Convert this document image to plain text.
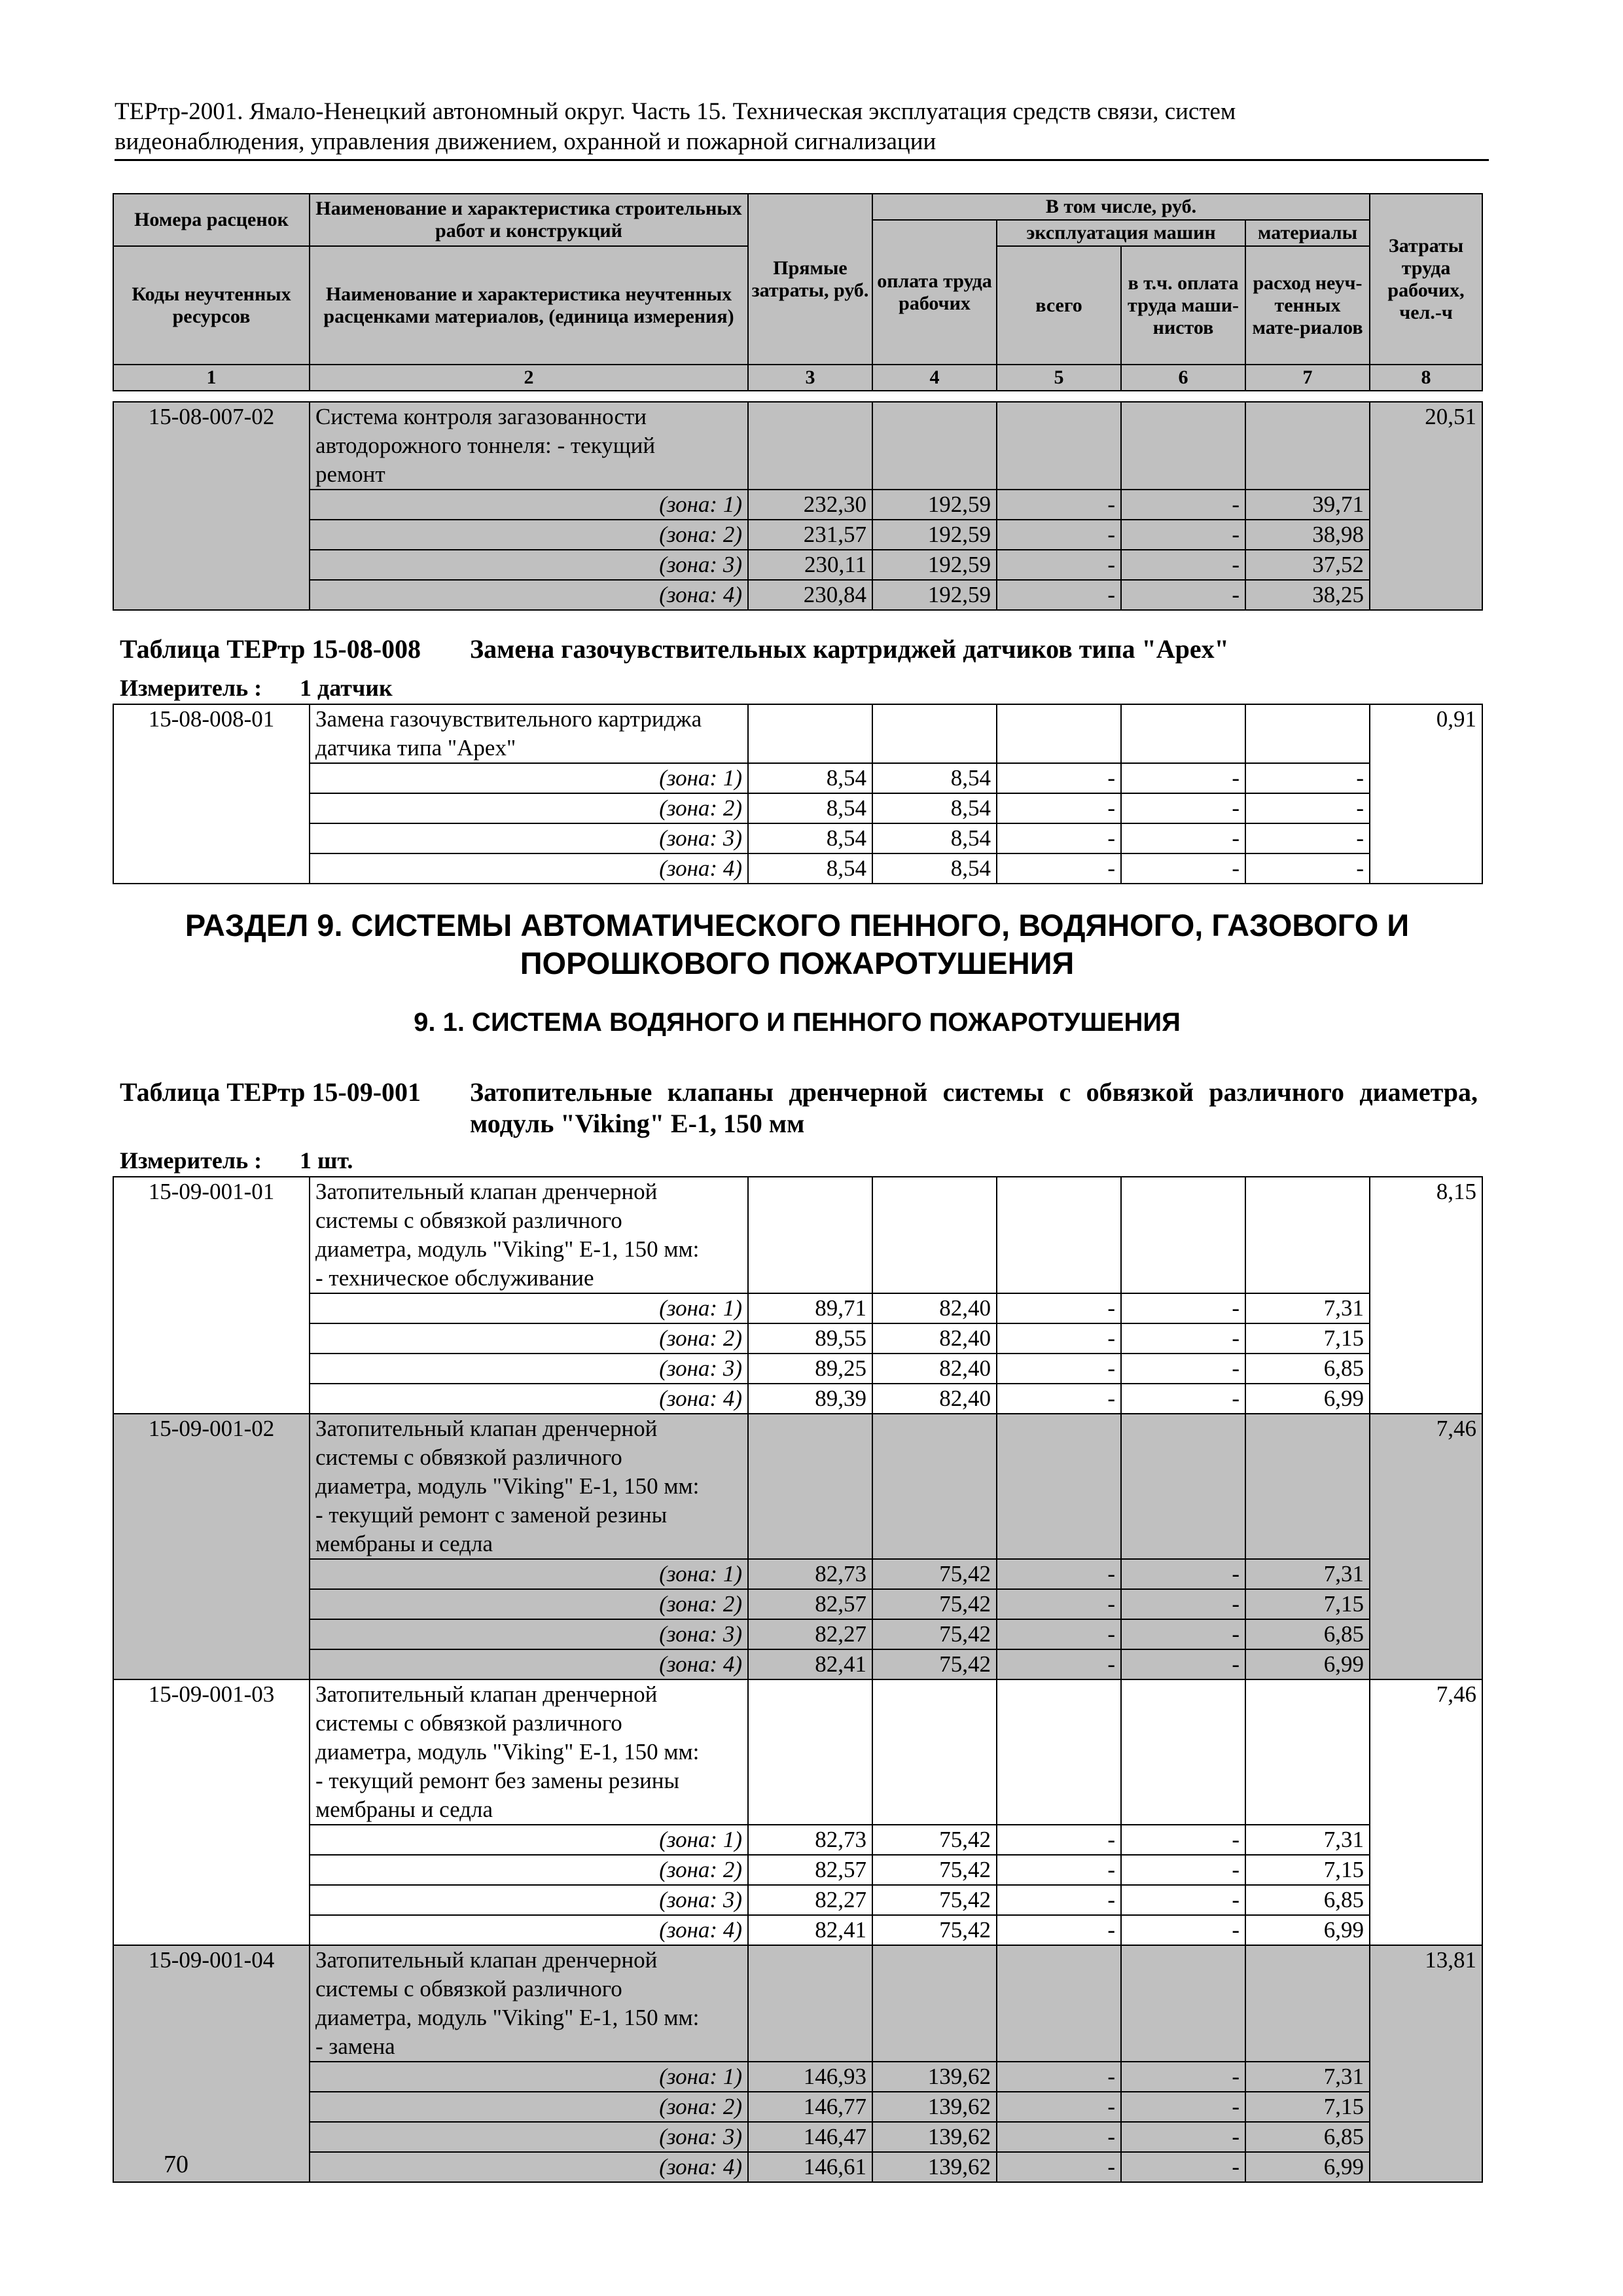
ТЕРтр-2001. Ямало-Ненецкий автономный округ. Часть 15. Техническая эксплуатация средств связи, систем
видеонаблюдения, управления движением, охранной и пожарной сигнализации
Номера расценок	Наименование и характеристика строительных работ и конструкций	Прямые затраты, руб.	В том числе, руб.				Затраты труда рабочих, чел.-ч
			оплата труда рабочих	эксплуатация машин		материалы	
Коды неучтенных ресурсов	Наименование и характеристика неучтенных расценками материалов, (единица измерения)			всего	в т.ч. оплата труда маши-нистов	расход неуч-тенных мате-риалов	

1	2	3	4	5	6	7	8
15-08-007-02	Система контроля загазованности
автодорожного тоннеля: - текущий
ремонт						20,51
	(зона: 1)	232,30	192,59	-	-	39,71	
	(зона: 2)	231,57	192,59	-	-	38,98	
	(зона: 3)	230,11	192,59	-	-	37,52	
	(зона: 4)	230,84	192,59	-	-	38,25	
Таблица ТЕРтр 15-08-008 Замена газочувствительных картриджей датчиков типа "Apex"
Измеритель : 1 датчик
15-08-008-01	Замена газочувствительного картриджа
датчика типа "Apex"						0,91
	(зона: 1)	8,54	8,54	-	-	-	
	(зона: 2)	8,54	8,54	-	-	-	
	(зона: 3)	8,54	8,54	-	-	-	
	(зона: 4)	8,54	8,54	-	-	-	
РАЗДЕЛ 9. СИСТЕМЫ АВТОМАТИЧЕСКОГО ПЕННОГО, ВОДЯНОГО, ГАЗОВОГО И ПОРОШКОВОГО ПОЖАРОТУШЕНИЯ
9. 1. СИСТЕМА ВОДЯНОГО И ПЕННОГО ПОЖАРОТУШЕНИЯ
Таблица ТЕРтр 15-09-001 Затопительные клапаны дренчерной системы с обвязкой различного диаметра, модуль "Viking" Е-1, 150 мм
Измеритель : 1 шт.
15-09-001-01	Затопительный клапан дренчерной
системы с обвязкой различного
диаметра, модуль "Viking" Е-1, 150 мм:
- техническое обслуживание						8,15
	(зона: 1)	89,71	82,40	-	-	7,31	
	(зона: 2)	89,55	82,40	-	-	7,15	
	(зона: 3)	89,25	82,40	-	-	6,85	
	(зона: 4)	89,39	82,40	-	-	6,99	
15-09-001-02	Затопительный клапан дренчерной
системы с обвязкой различного
диаметра, модуль "Viking" Е-1, 150 мм:
- текущий ремонт с заменой резины
мембраны и седла						7,46
	(зона: 1)	82,73	75,42	-	-	7,31	
	(зона: 2)	82,57	75,42	-	-	7,15	
	(зона: 3)	82,27	75,42	-	-	6,85	
	(зона: 4)	82,41	75,42	-	-	6,99	
15-09-001-03	Затопительный клапан дренчерной
системы с обвязкой различного
диаметра, модуль "Viking" Е-1, 150 мм:
- текущий ремонт без замены резины
мембраны и седла						7,46
	(зона: 1)	82,73	75,42	-	-	7,31	
	(зона: 2)	82,57	75,42	-	-	7,15	
	(зона: 3)	82,27	75,42	-	-	6,85	
	(зона: 4)	82,41	75,42	-	-	6,99	
15-09-001-04	Затопительный клапан дренчерной
системы с обвязкой различного
диаметра, модуль "Viking" Е-1, 150 мм:
- замена						13,81
	(зона: 1)	146,93	139,62	-	-	7,31	
	(зона: 2)	146,77	139,62	-	-	7,15	
	(зона: 3)	146,47	139,62	-	-	6,85	
	(зона: 4)	146,61	139,62	-	-	6,99	
70
